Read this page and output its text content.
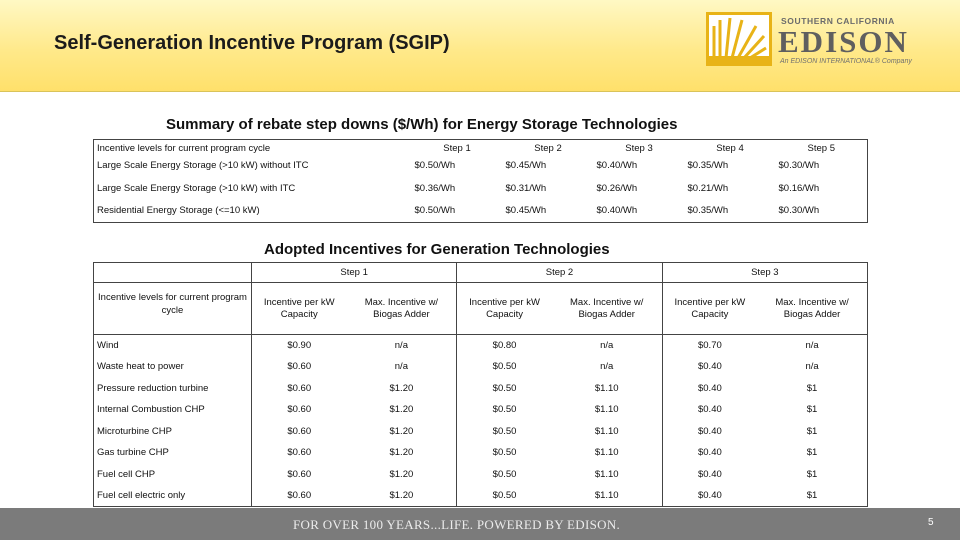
Self-Generation Incentive Program (SGIP)
SOUTHERN CALIFORNIA
EDISON
An EDISON INTERNATIONAL® Company
Summary of rebate step downs ($/Wh) for Energy Storage Technologies
Incentive levels for current program cycle	Step 1	Step 2	Step 3	Step 4	Step 5
Large Scale Energy Storage (>10 kW) without ITC	$0.50/Wh	$0.45/Wh	$0.40/Wh	$0.35/Wh	$0.30/Wh
Large Scale Energy Storage (>10 kW) with ITC	$0.36/Wh	$0.31/Wh	$0.26/Wh	$0.21/Wh	$0.16/Wh
Residential Energy Storage (<=10 kW)	$0.50/Wh	$0.45/Wh	$0.40/Wh	$0.35/Wh	$0.30/Wh
Adopted Incentives for Generation Technologies
	Step 1		Step 2		Step 3	
Incentive levels for current program cycle	Incentive per kW Capacity	Max. Incentive w/ Biogas Adder	Incentive per kW Capacity	Max. Incentive w/ Biogas Adder	Incentive per kW Capacity	Max. Incentive w/ Biogas Adder
Wind	$0.90	n/a	$0.80	n/a	$0.70	n/a
Waste heat to power	$0.60	n/a	$0.50	n/a	$0.40	n/a
Pressure reduction turbine	$0.60	$1.20	$0.50	$1.10	$0.40	$1
Internal Combustion CHP	$0.60	$1.20	$0.50	$1.10	$0.40	$1
Microturbine CHP	$0.60	$1.20	$0.50	$1.10	$0.40	$1
Gas turbine CHP	$0.60	$1.20	$0.50	$1.10	$0.40	$1
Fuel cell CHP	$0.60	$1.20	$0.50	$1.10	$0.40	$1
Fuel cell electric only	$0.60	$1.20	$0.50	$1.10	$0.40	$1
FOR OVER 100 YEARS...LIFE. POWERED BY EDISON.	5
